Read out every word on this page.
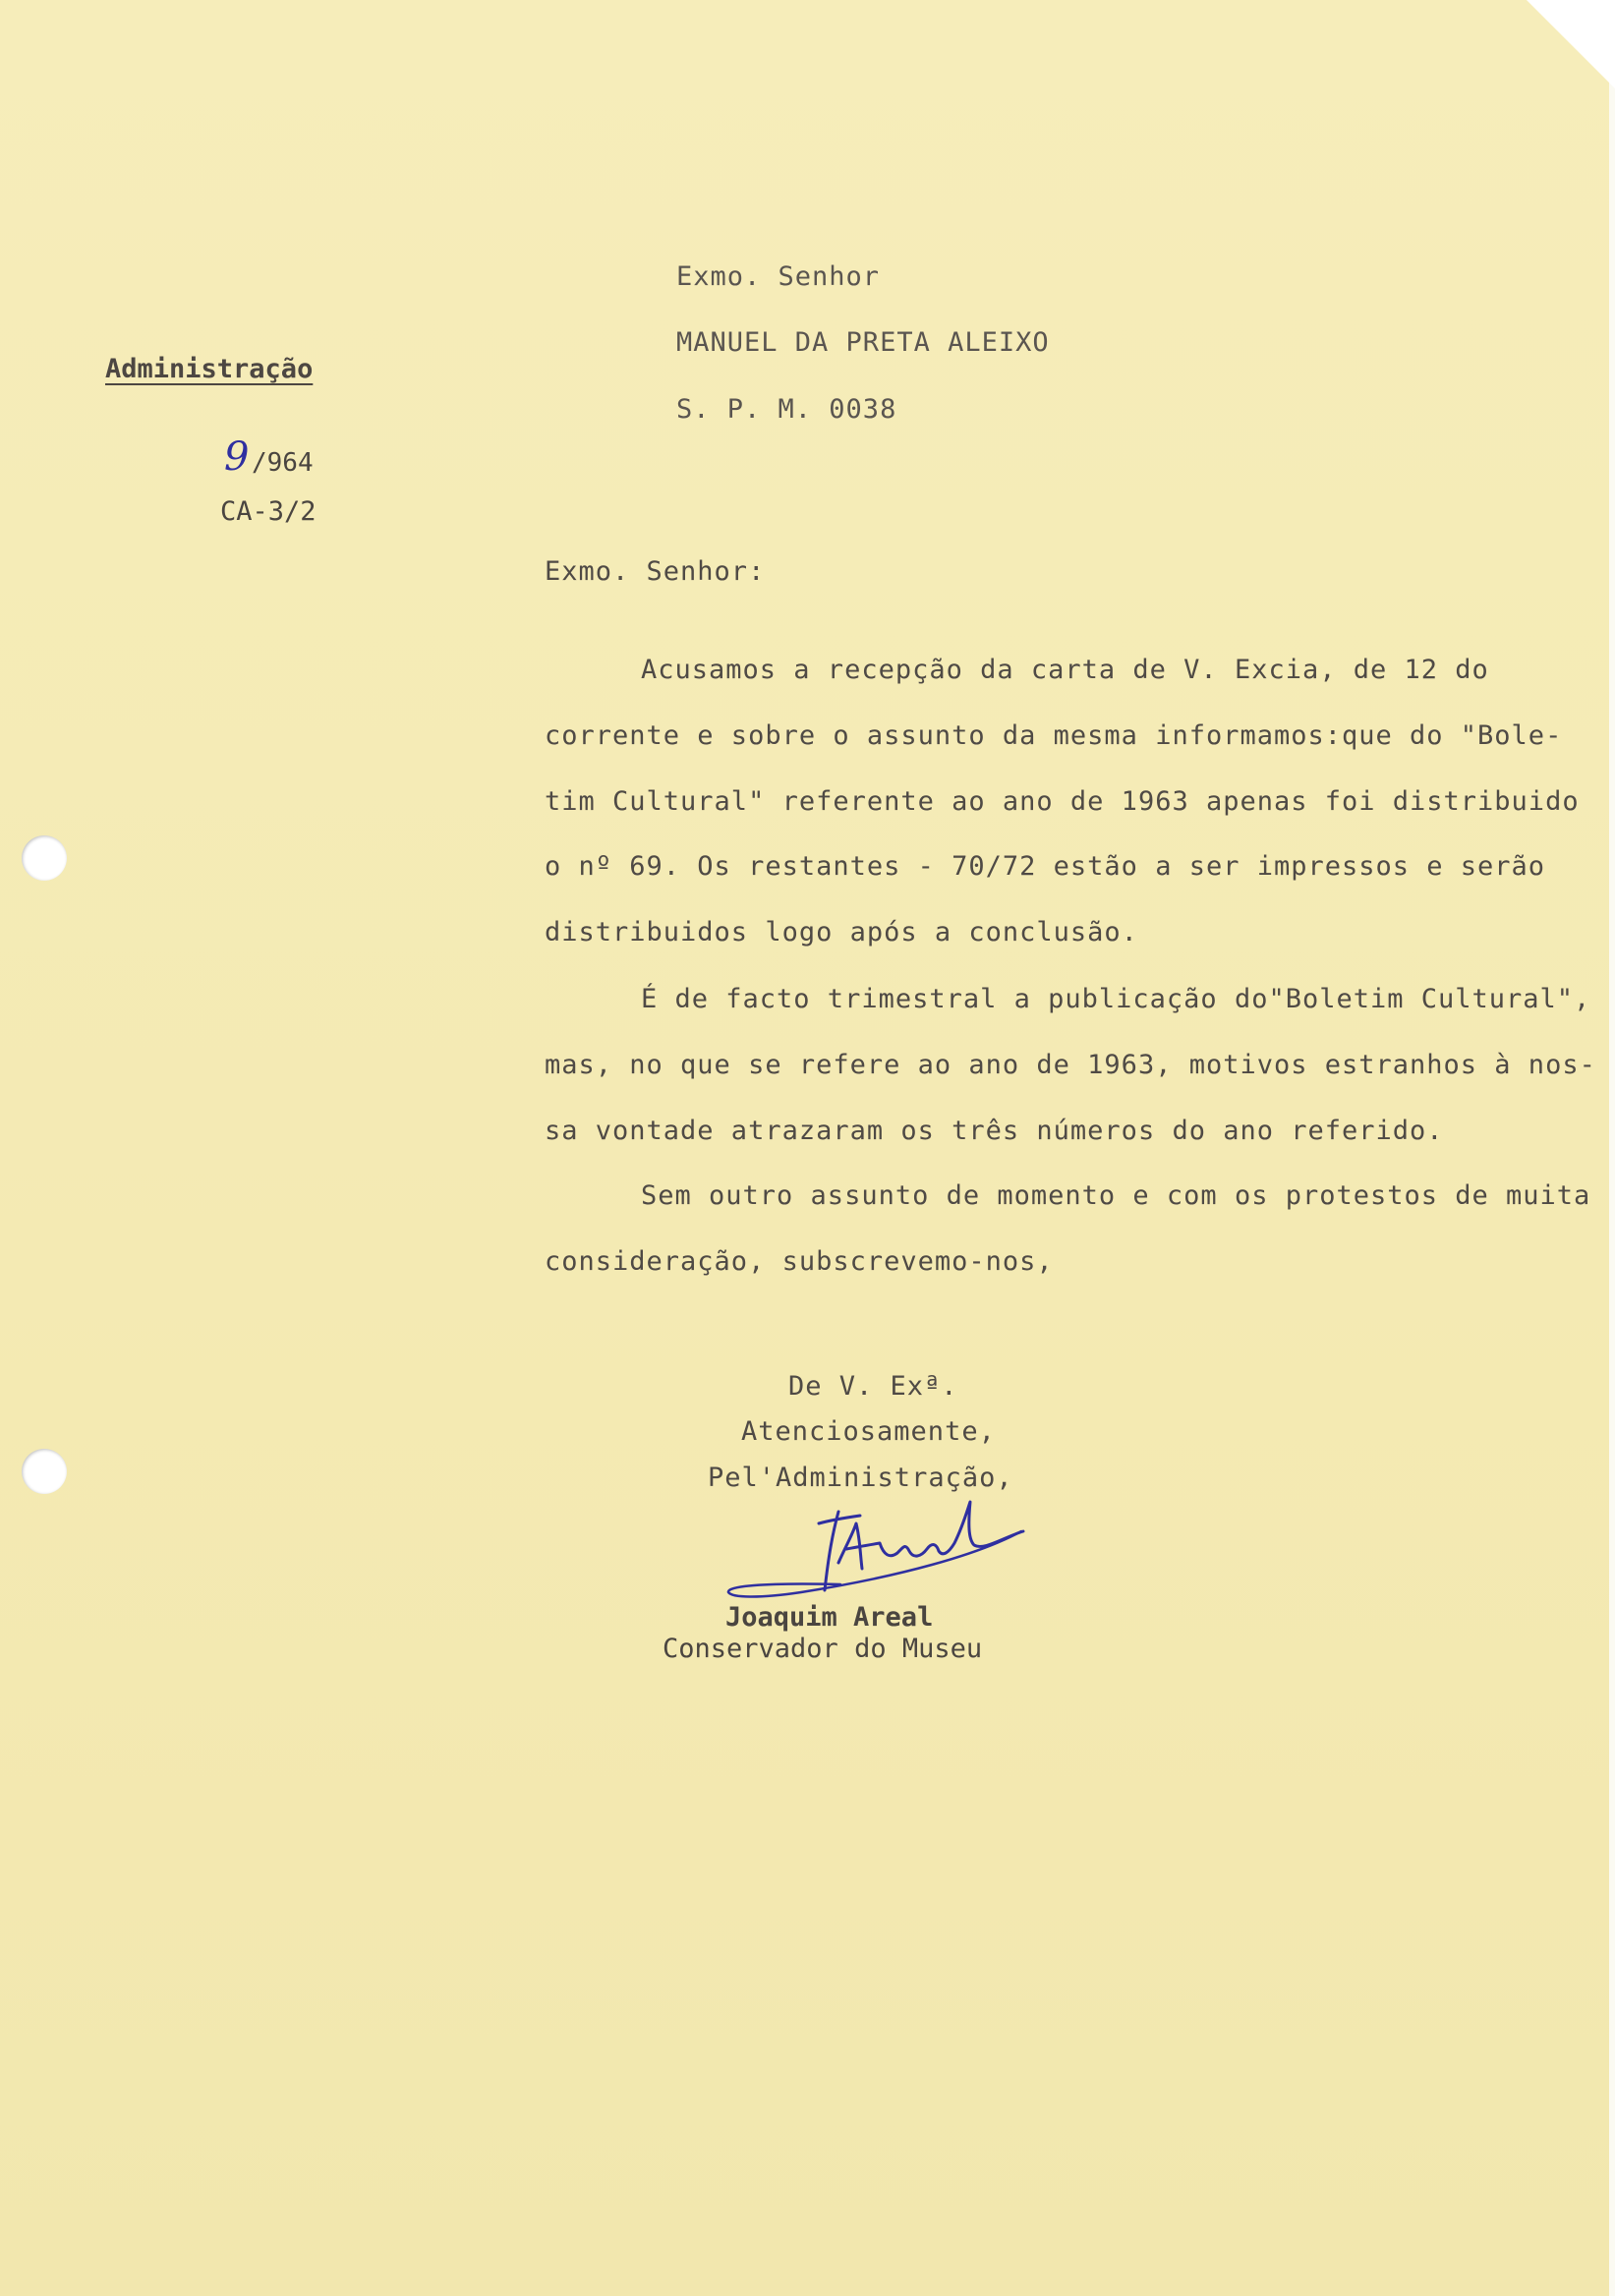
Administração
9 /964
CA-3/2
Exmo. Senhor
MANUEL DA PRETA ALEIXO
S. P. M. 0038
Exmo. Senhor:
Acusamos a recepção da carta de V. Excia, de 12 do
corrente e sobre o assunto da mesma informamos:que do "Bole-
tim Cultural" referente ao ano de 1963 apenas foi distribuido
o nº 69. Os restantes - 70/72 estão a ser impressos e serão
distribuidos logo após a conclusão.
É de facto trimestral a publicação do"Boletim Cultural",
mas, no que se refere ao ano de 1963, motivos estranhos à nos-
sa vontade atrazaram os três números do ano referido.
Sem outro assunto de momento e com os protestos de muita
consideração, subscrevemo-nos,
De V. Exª.
Atenciosamente,
Pel'Administração,
Joaquim Areal
Conservador do Museu
